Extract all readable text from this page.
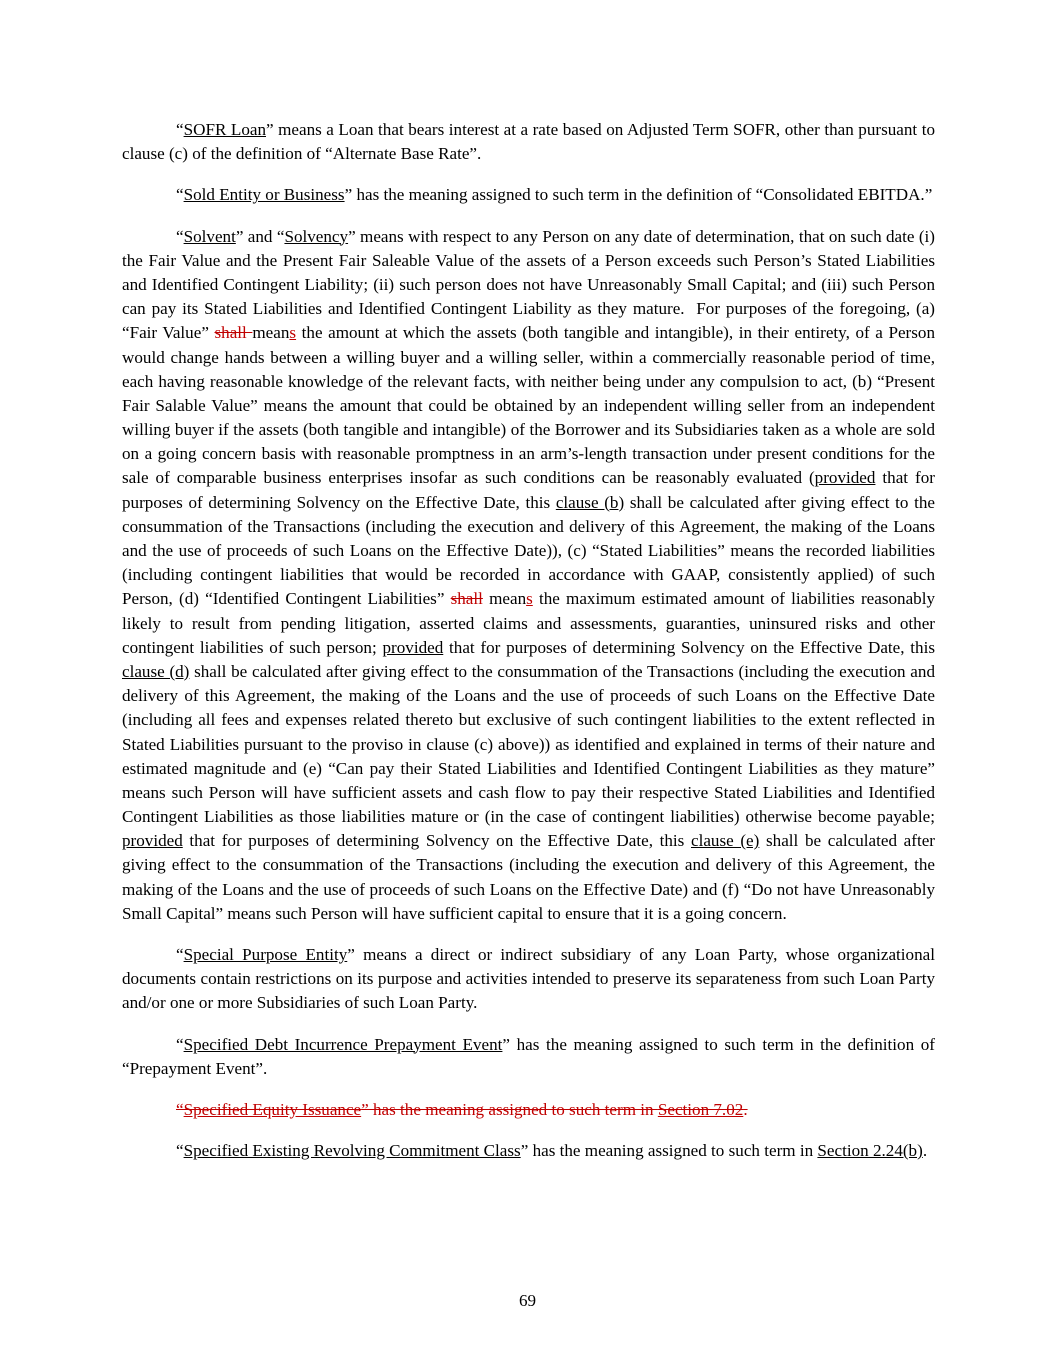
“SOFR Loan” means a Loan that bears interest at a rate based on Adjusted Term SOFR, other than pursuant to clause (c) of the definition of “Alternate Base Rate”.

“Sold Entity or Business” has the meaning assigned to such term in the definition of “Consolidated EBITDA.”

“Solvent” and “Solvency” means with respect to any Person on any date of determination, that on such date (i) the Fair Value and the Present Fair Saleable Value of the assets of a Person exceeds such Person’s Stated Liabilities and Identified Contingent Liability; (ii) such person does not have Unreasonably Small Capital; and (iii) such Person can pay its Stated Liabilities and Identified Contingent Liability as they mature.  For purposes of the foregoing, (a) “Fair Value” shall means the amount at which the assets (both tangible and intangible), in their entirety, of a Person would change hands between a willing buyer and a willing seller, within a commercially reasonable period of time, each having reasonable knowledge of the relevant facts, with neither being under any compulsion to act, (b) “Present Fair Salable Value” means the amount that could be obtained by an independent willing seller from an independent willing buyer if the assets (both tangible and intangible) of the Borrower and its Subsidiaries taken as a whole are sold on a going concern basis with reasonable promptness in an arm’s-length transaction under present conditions for the sale of comparable business enterprises insofar as such conditions can be reasonably evaluated (provided that for purposes of determining Solvency on the Effective Date, this clause (b) shall be calculated after giving effect to the consummation of the Transactions (including the execution and delivery of this Agreement, the making of the Loans and the use of proceeds of such Loans on the Effective Date)), (c) “Stated Liabilities” means the recorded liabilities (including contingent liabilities that would be recorded in accordance with GAAP, consistently applied) of such Person, (d) “Identified Contingent Liabilities” shall means the maximum estimated amount of liabilities reasonably likely to result from pending litigation, asserted claims and assessments, guaranties, uninsured risks and other contingent liabilities of such person; provided that for purposes of determining Solvency on the Effective Date, this clause (d) shall be calculated after giving effect to the consummation of the Transactions (including the execution and delivery of this Agreement, the making of the Loans and the use of proceeds of such Loans on the Effective Date (including all fees and expenses related thereto but exclusive of such contingent liabilities to the extent reflected in Stated Liabilities pursuant to the proviso in clause (c) above)) as identified and explained in terms of their nature and estimated magnitude and (e) “Can pay their Stated Liabilities and Identified Contingent Liabilities as they mature” means such Person will have sufficient assets and cash flow to pay their respective Stated Liabilities and Identified Contingent Liabilities as those liabilities mature or (in the case of contingent liabilities) otherwise become payable; provided that for purposes of determining Solvency on the Effective Date, this clause (e) shall be calculated after giving effect to the consummation of the Transactions (including the execution and delivery of this Agreement, the making of the Loans and the use of proceeds of such Loans on the Effective Date) and (f) “Do not have Unreasonably Small Capital” means such Person will have sufficient capital to ensure that it is a going concern.

“Special Purpose Entity” means a direct or indirect subsidiary of any Loan Party, whose organizational documents contain restrictions on its purpose and activities intended to preserve its separateness from such Loan Party and/or one or more Subsidiaries of such Loan Party.

“Specified Debt Incurrence Prepayment Event” has the meaning assigned to such term in the definition of “Prepayment Event”.

“Specified Equity Issuance” has the meaning assigned to such term in Section 7.02.

“Specified Existing Revolving Commitment Class” has the meaning assigned to such term in Section 2.24(b).

69
